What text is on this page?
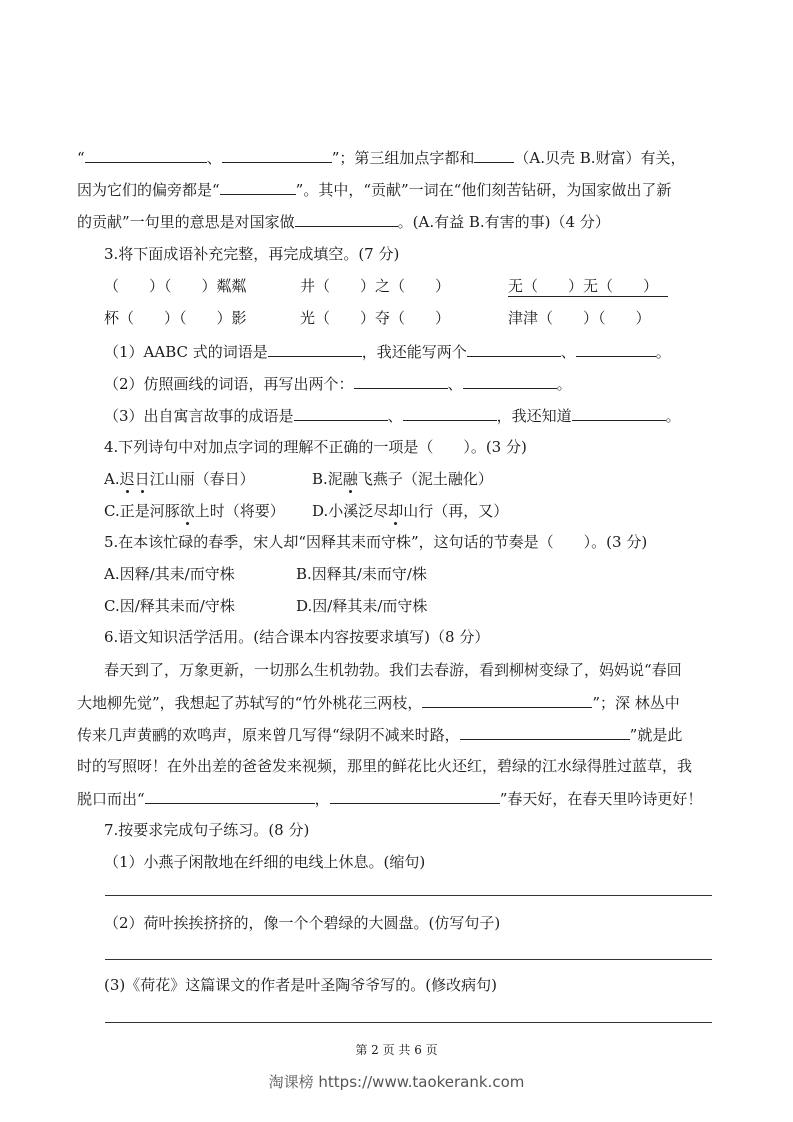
“	、	”；第三组加点字都和	（A.贝壳 B.财富）有关，
因为它们的偏旁都是“	”。其中，“贡献”一词在“他们刻苦钻研，为国家做出了新
的贡献”一句里的意思是对国家做	。(A.有益 B.有害的事)（4 分）
3.将下面成语补充完整，再完成填空。(7 分)
（　　）（　　）粼粼	井（　　）之（　　）	无（　　）无（　　）
杯（　　）（　　）影	光（　　）夺（　　）	津津（　　）（　　）
（1）AABC 式的词语是	，我还能写两个	、	。
（2）仿照画线的词语，再写出两个：	、	。
（3）出自寓言故事的成语是	、	，我还知道	。
4.下列诗句中对加点字词的理解不正确的一项是（　　）。(3 分)
A.迟日江山丽（春日）	B.泥融飞燕子（泥土融化）
C.正是河豚欲上时（将要） D.小溪泛尽却山行（再，又）
5.在本该忙碌的春季，宋人却“因释其耒而守株”，这句话的节奏是（　　）。(3 分)
A.因释/其耒/而守株	B.因释其/耒而守/株
C.因/释其耒而/守株	D.因/释其耒/而守株
6.语文知识活学活用。(结合课本内容按要求填写)（8 分）
春天到了，万象更新，一切那么生机勃勃。我们去春游，看到柳树变绿了，妈妈说“春回
大地柳先觉”，我想起了苏轼写的“竹外桃花三两枝，	”；深 林丛中
传来几声黄鹂的欢鸣声，原来曾几写得“绿阴不减来时路，	”就是此
时的写照呀！在外出差的爸爸发来视频，那里的鲜花比火还红，碧绿的江水绿得胜过蓝草，我
脱口而出“	，	”春天好，在春天里吟诗更好！
7.按要求完成句子练习。(8 分)
（1）小燕子闲散地在纤细的电线上休息。(缩句)
（2）荷叶挨挨挤挤的，像一个个碧绿的大圆盘。(仿写句子)
(3)《荷花》这篇课文的作者是叶圣陶爷爷写的。(修改病句)
第 2 页 共 6 页
淘课榜 https://www.taokerank.com
